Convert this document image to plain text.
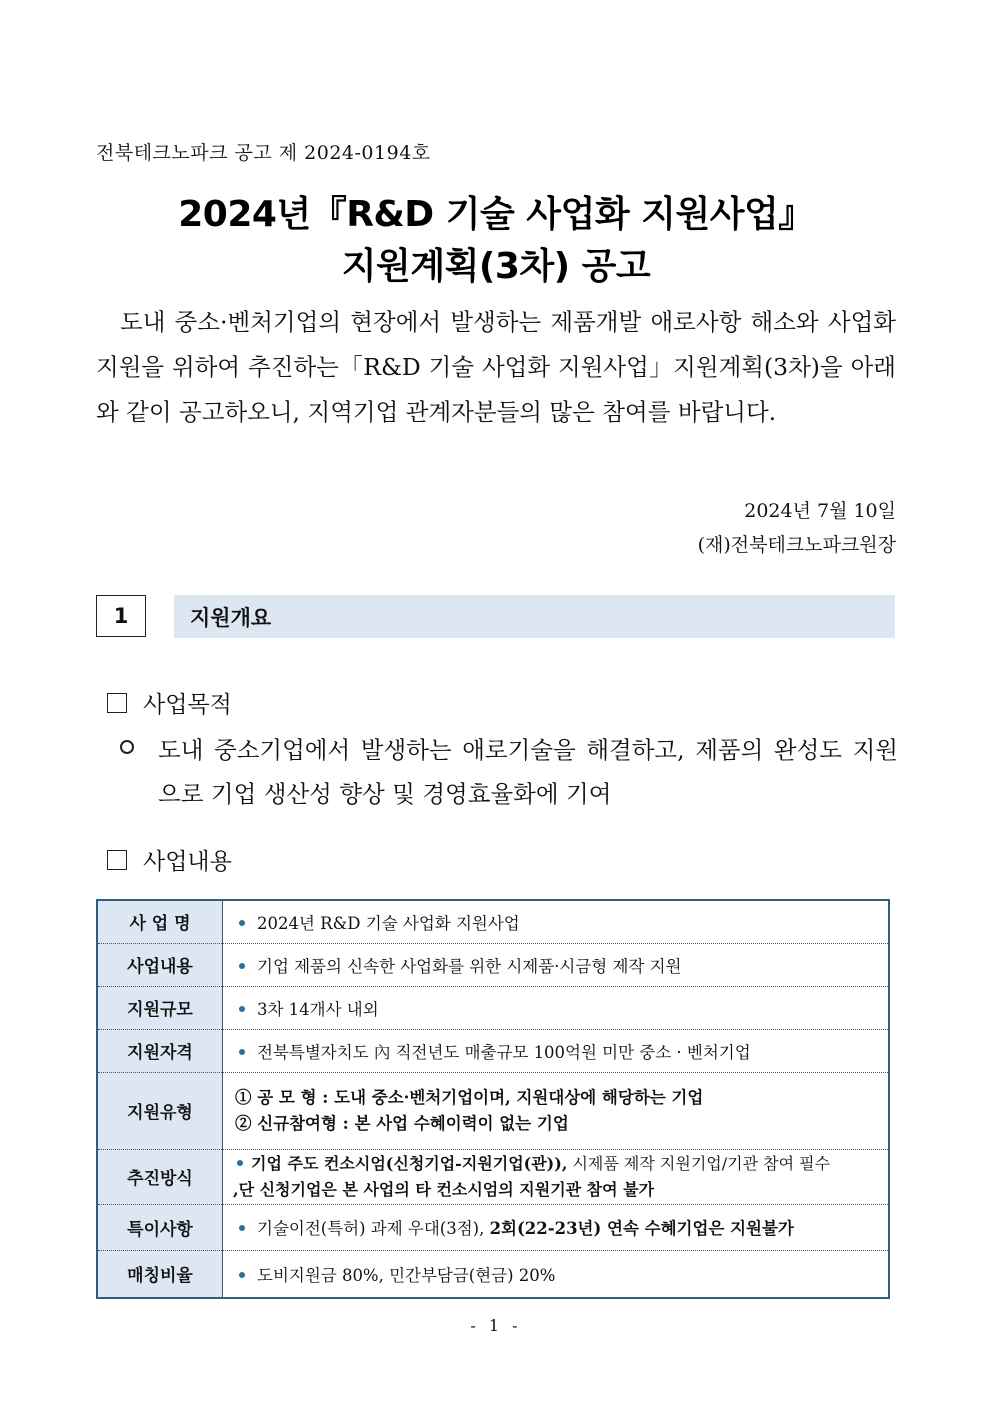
전북테크노파크 공고 제 2024-0194호
2024년『R&D 기술 사업화 지원사업』
지원계획(3차) 공고
도내 중소·벤처기업의 현장에서 발생하는 제품개발 애로사항 해소와 사업화 지원을 위하여 추진하는「R&D 기술 사업화 지원사업」지원계획(3차)을 아래와 같이 공고하오니, 지역기업 관계자분들의 많은 참여를 바랍니다.
2024년 7월 10일
(재)전북테크노파크원장
1	지원개요
사업목적
도내 중소기업에서 발생하는 애로기술을 해결하고, 제품의 완성도 지원으로 기업 생산성 향상 및 경영효율화에 기여
사업내용
사 업 명	2024년 R&D 기술 사업화 지원사업
사업내용	기업 제품의 신속한 사업화를 위한 시제품·시금형 제작 지원
지원규모	3차 14개사 내외
지원자격	전북특별자치도 內 직전년도 매출규모 100억원 미만 중소 · 벤처기업
지원유형	① 공 모 형 : 도내 중소·벤처기업이며, 지원대상에 해당하는 기업
② 신규참여형 : 본 사업 수혜이력이 없는 기업

추진방식	기업 주도 컨소시엄(신청기업-지원기업(관)), 시제품 제작 지원기업/기관 참여 필수
,단 신청기업은 본 사업의 타 컨소시엄의 지원기관 참여 불가

특이사항	기술이전(특허) 과제 우대(3점), 2회(22-23년) 연속 수혜기업은 지원불가
매칭비율	도비지원금 80%, 민간부담금(현금) 20%
- 1 -
